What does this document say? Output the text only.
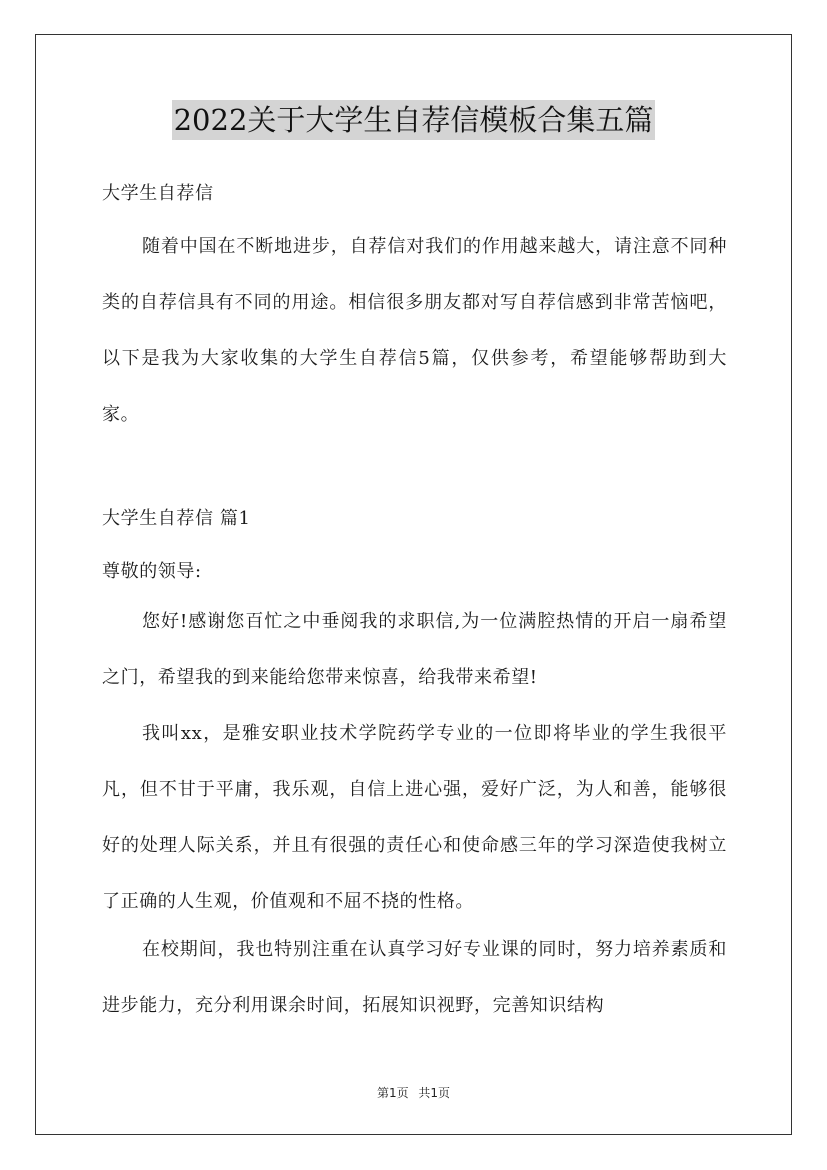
2022关于大学生自荐信模板合集五篇
大学生自荐信
随着中国在不断地进步，自荐信对我们的作用越来越大，请注意不同种类的自荐信具有不同的用途。相信很多朋友都对写自荐信感到非常苦恼吧，以下是我为大家收集的大学生自荐信5篇，仅供参考，希望能够帮助到大家。
大学生自荐信 篇1
尊敬的领导:
您好!感谢您百忙之中垂阅我的求职信,为一位满腔热情的开启一扇希望之门，希望我的到来能给您带来惊喜，给我带来希望!
我叫xx，是雅安职业技术学院药学专业的一位即将毕业的学生我很平凡，但不甘于平庸，我乐观，自信上进心强，爱好广泛，为人和善，能够很好的处理人际关系，并且有很强的责任心和使命感三年的学习深造使我树立了正确的人生观，价值观和不屈不挠的性格。
在校期间，我也特别注重在认真学习好专业课的同时，努力培养素质和进步能力，充分利用课余时间，拓展知识视野，完善知识结构
第1页 共1页
